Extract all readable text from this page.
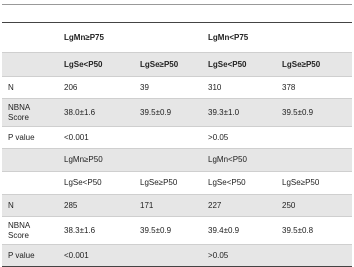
	LgMn≥P75		LgMn<P75	
	LgSe<P50	LgSe≥P50	LgSe<P50	LgSe≥P50
N	206	39	310	378
NBNA
Score	38.0±1.6	39.5±0.9	39.3±1.0	39.5±0.9
P value	<0.001		>0.05	
	LgMn≥P50		LgMn<P50	
	LgSe<P50	LgSe≥P50	LgSe<P50	LgSe≥P50
N	285	171	227	250
NBNA
Score	38.3±1.6	39.5±0.9	39.4±0.9	39.5±0.8
P value	<0.001		>0.05	
